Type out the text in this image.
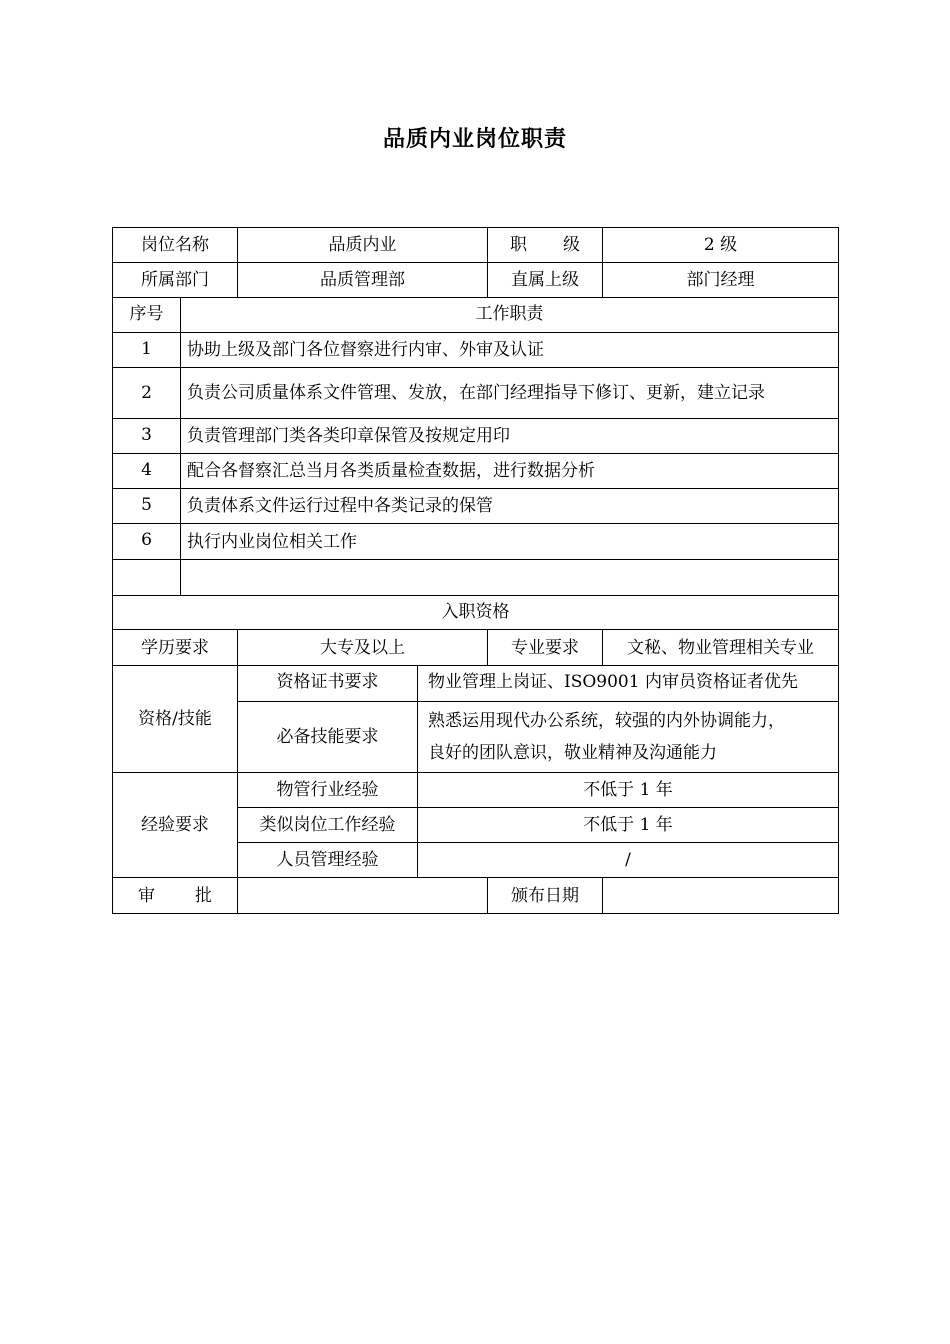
品质内业岗位职责
岗位名称		品质内业		职 级	2 级
所属部门		品质管理部		直属上级	部门经理
序号	工作职责				
1	协助上级及部门各位督察进行内审、外审及认证				
2	负责公司质量体系文件管理、发放，在部门经理指导下修订、更新，建立记录				
3	负责管理部门类各类印章保管及按规定用印				
4	配合各督察汇总当月各类质量检查数据，进行数据分析				
5	负责体系文件运行过程中各类记录的保管				
6	执行内业岗位相关工作				

入职资格					
学历要求		大专及以上		专业要求	文秘、物业管理相关专业
资格/技能		资格证书要求	物业管理上岗证、ISO9001 内审员资格证者优先		
		必备技能要求	熟悉运用现代办公系统，较强的内外协调能力，良好的团队意识，敬业精神及沟通能力		
经验要求		物管行业经验	不低于 1 年		
		类似岗位工作经验	不低于 1 年		
		人员管理经验	/		
审 批				颁布日期	
